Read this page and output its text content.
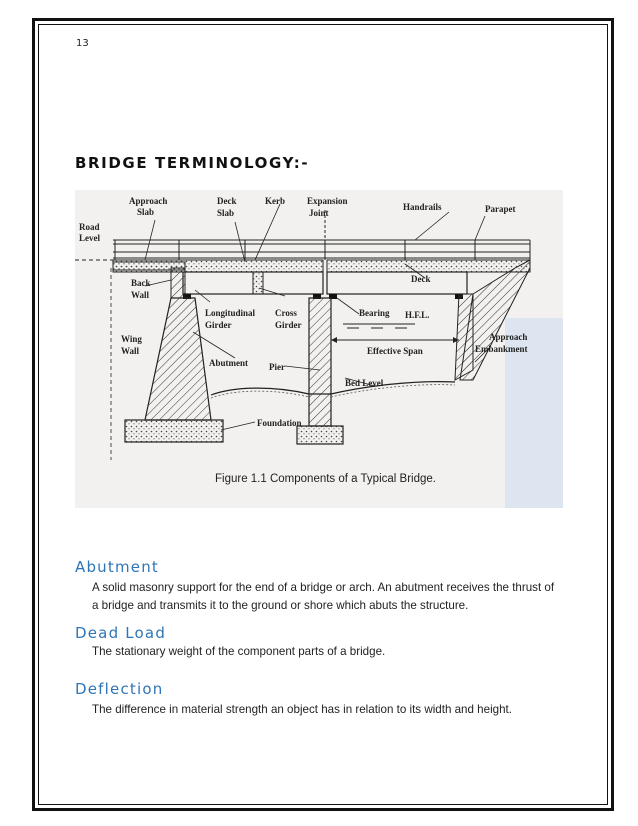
13
BRIDGE TERMINOLOGY:-
Approach
Slab
Deck
Slab
Kerb Expansion
Joint
Handrails	Parapet
Road
Level
Deck
Back
Wall
Longitudinal
Girder
Cross
Girder
Bearing H.F.L.
Wing
Wall	Effective Span
Approach
Embankment
Abutment Pier
Bed Level
Foundation
Figure 1.1 Components of a Typical Bridge.
Abutment
A solid masonry support for the end of a bridge or arch. An abutment receives the thrust of a bridge and transmits it to the ground or shore which abuts the structure.
Dead Load
The stationary weight of the component parts of a bridge.
Deflection
The difference in material strength an object has in relation to its width and height.
